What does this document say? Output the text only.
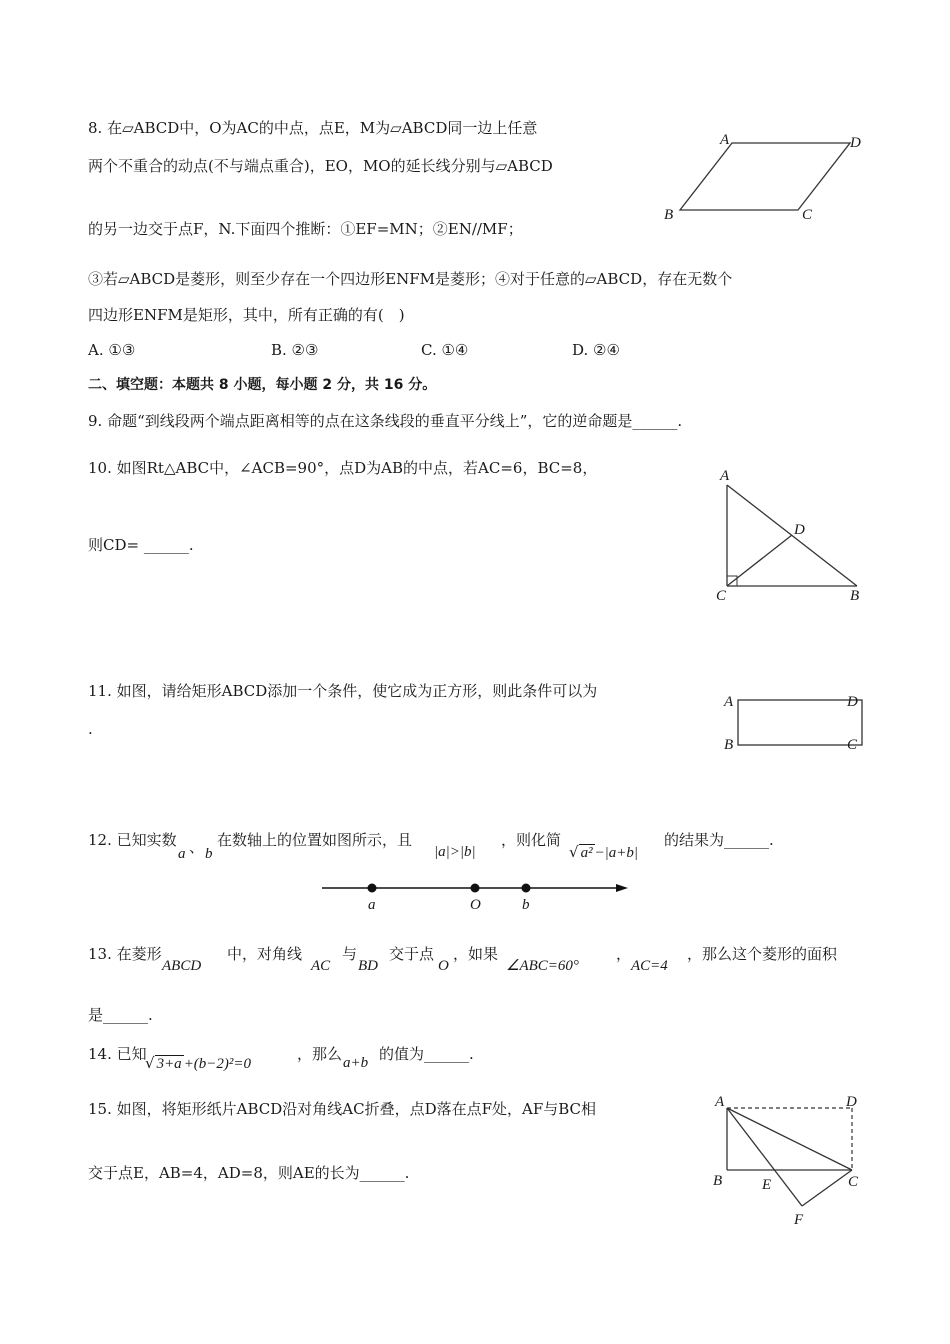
8. 在▱ABCD中，O为AC的中点，点E，M为▱ABCD同一边上任意
两个不重合的动点(不与端点重合)，EO，MO的延长线分别与▱ABCD
的另一边交于点F，N.下面四个推断：①EF=MN；②EN//MF；
③若▱ABCD是菱形，则至少存在一个四边形ENFM是菱形；④对于任意的▱ABCD，存在无数个
四边形ENFM是矩形，其中，所有正确的有(　)
A. ①③	B. ②③	C. ①④	D. ②④
A	D
B	C
二、填空题：本题共 8 小题，每小题 2 分，共 16 分。
9. 命题“到线段两个端点距离相等的点在这条线段的垂直平分线上”，它的逆命题是______.
10. 如图Rt△ABC中，∠ACB=90°，点D为AB的中点，若AC=6，BC=8，
则CD= ______.
A
D
C	B
11. 如图，请给矩形ABCD添加一个条件，使它成为正方形，则此条件可以为
.
A	D
B	C
12. 已知实数
a 、 b
在数轴上的位置如图所示，且
|a|>|b|
，则化简
√ a² −|a+b|
的结果为______.
a	O	b
13. 在菱形
ABCD
中，对角线
AC
与
BD
交于点
O
，如果
∠ABC=60°
，
AC=4
，那么这个菱形的面积
是______.
14. 已知
√ 3+a +(b−2)²=0
，那么 a+b 的值为______.
15. 如图，将矩形纸片ABCD沿对角线AC折叠，点D落在点F处，AF与BC相
交于点E，AB=4，AD=8，则AE的长为______.
A	D
B	E	C
F
